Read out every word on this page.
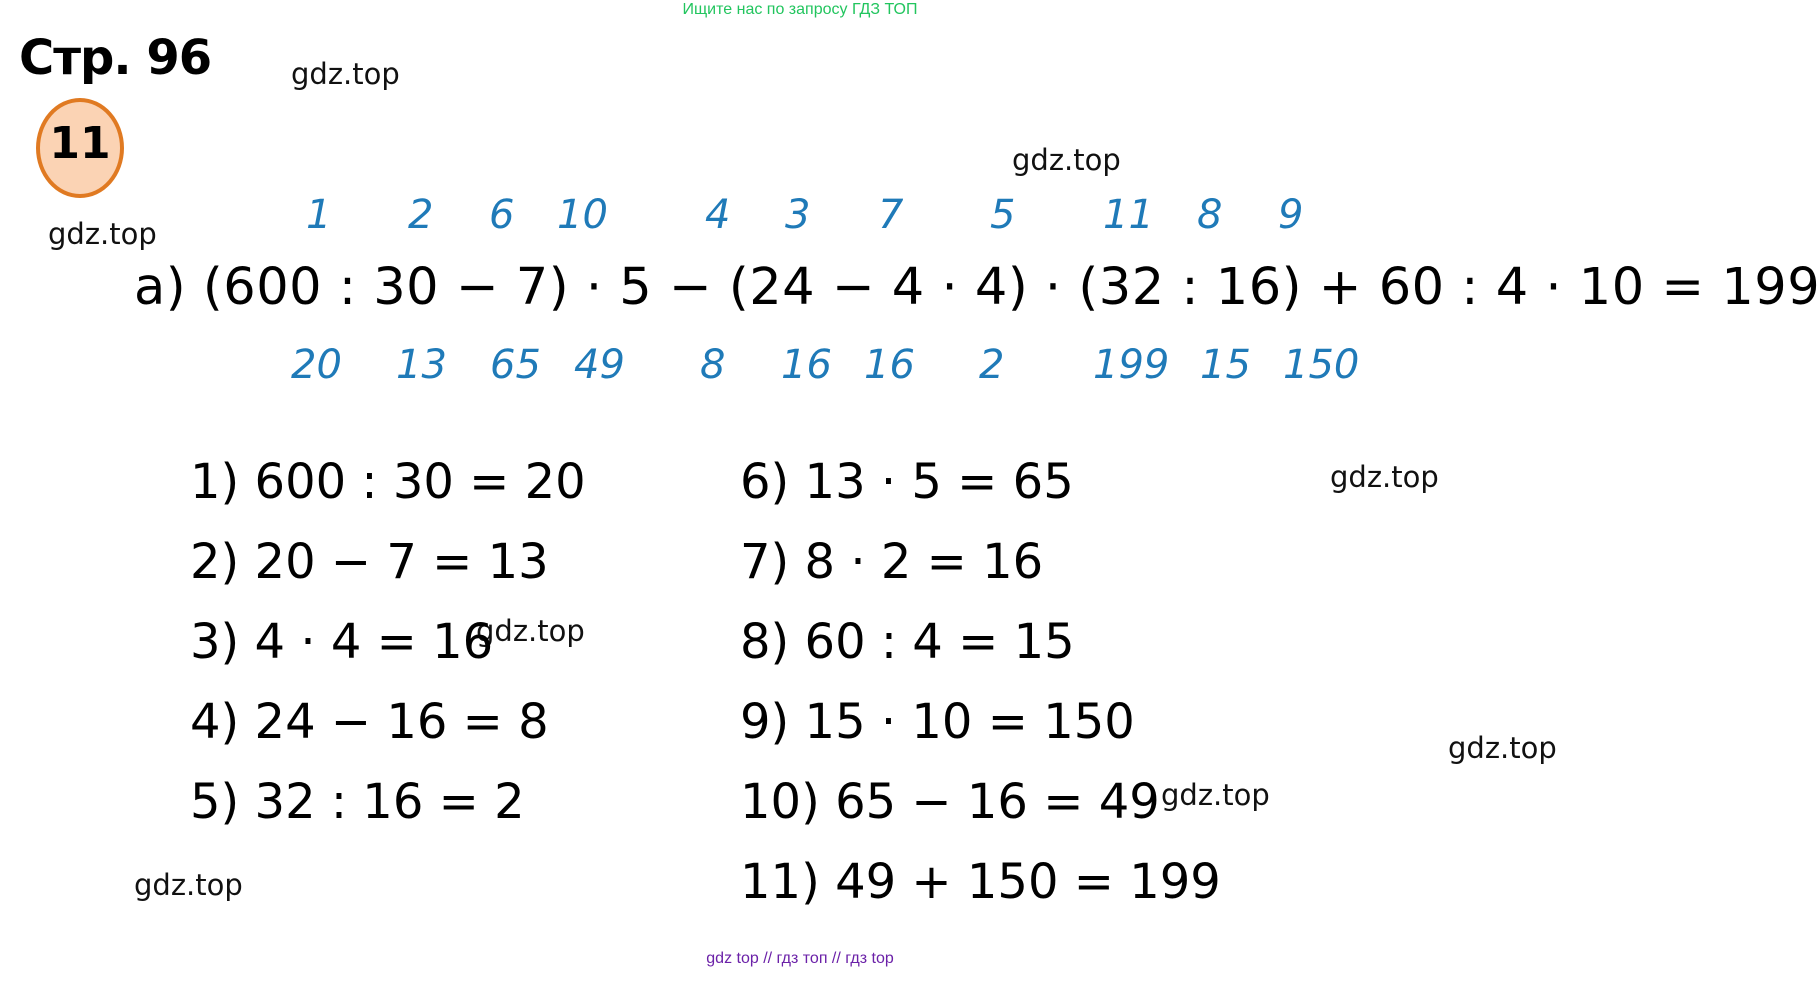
Ищите нас по запросу ГДЗ ТОП
Стр. 96
11
gdz.top
gdz.top
gdz.top
gdz.top
gdz.top
gdz.top
gdz.top
gdz.top
1 2 6 10 4 3 7 5 11 8 9
а) (600 : 30 − 7) · 5 − (24 − 4 · 4) · (32 : 16) + 60 : 4 · 10 = 199
20 13 65 49 8 16 16 2 199 15 150
1) 600 : 30 = 20
2) 20 − 7 = 13
3) 4 · 4 = 16
4) 24 − 16 = 8
5) 32 : 16 = 2
6) 13 · 5 = 65
7) 8 · 2 = 16
8) 60 : 4 = 15
9) 15 · 10 = 150
10) 65 − 16 = 49
11) 49 + 150 = 199
gdz top // гдз топ // гдз top
